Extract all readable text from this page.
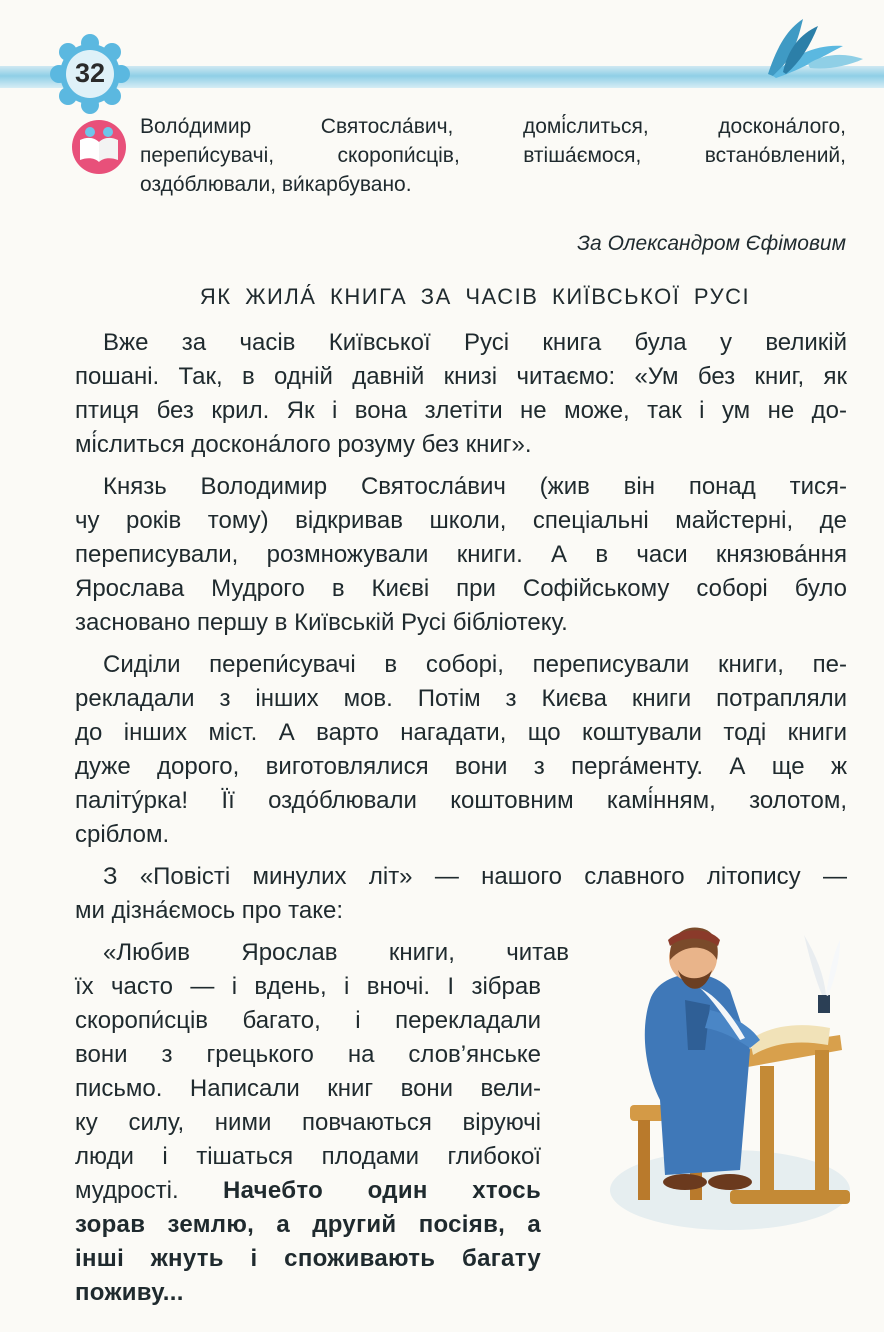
32
Воло́димир Святосла́вич, домі́слиться, доскона́лого,
перепи́сувачі, скоропи́сців, втіша́ємося, встано́влений,
оздо́блювали, ви́карбувано.
За Олександром Єфімовим
ЯК ЖИЛА́ КНИГА ЗА ЧАСІВ КИЇВСЬКОЇ РУСІ

Вже за часів Київської Русі книга була у великій
пошані. Так, в одній давній книзі читаємо: «Ум без книг, як
птиця без крил. Як і вона злетіти не може, так і ум не до-
мі́слиться доскона́лого розуму без книг».

Князь Володимир Святосла́вич (жив він понад тися-
чу років тому) відкривав школи, спеціальні майстерні, де
переписували, розмножували книги. А в часи князюва́ння
Ярослава Мудрого в Києві при Софійському соборі було
засновано першу в Київській Русі бібліотеку.

Сиділи перепи́сувачі в соборі, переписували книги, пе-
рекладали з інших мов. Потім з Києва книги потрапляли
до інших міст. А варто нагадати, що коштували тоді книги
дуже дорого, виготовлялися вони з перга́менту. А ще ж
палітýрка! Її оздо́блювали коштовним камі́нням, золотом,
сріблом.

З «Повісті минулих літ» — нашого славного літопису —
ми дізна́ємось про таке:

«Любив Ярослав книги, читав
їх часто — і вдень, і вночі. І зібрав
скоропи́сців багато, і перекладали
вони з грецького на слов’янське
письмо. Написали книг вони вели-
ку силу, ними повчаються віруючі
люди і тішаться плодами глибокої
мудрості. Начебто один хтось
зорав землю, а другий посіяв, а
інші жнуть і споживають багату
поживу...
